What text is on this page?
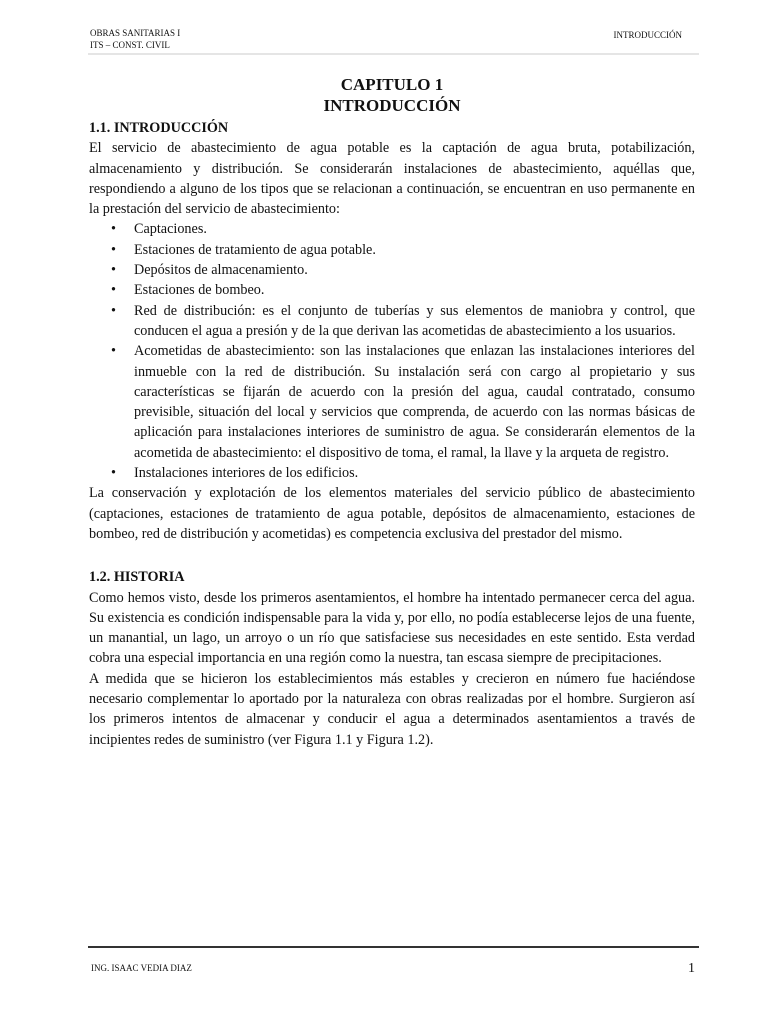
OBRAS SANITARIAS I
ITS – CONST. CIVIL
INTRODUCCIÓN
CAPITULO 1
INTRODUCCIÓN
1.1. INTRODUCCIÓN

El servicio de abastecimiento de agua potable es la captación de agua bruta, potabilización, almacenamiento y distribución. Se considerarán instalaciones de abastecimiento, aquéllas que, respondiendo a alguno de los tipos que se relacionan a continuación, se encuentran en uso permanente en la prestación del servicio de abastecimiento:

• Captaciones.
• Estaciones de tratamiento de agua potable.
• Depósitos de almacenamiento.
• Estaciones de bombeo.
• Red de distribución: es el conjunto de tuberías y sus elementos de maniobra y control, que conducen el agua a presión y de la que derivan las acometidas de abastecimiento a los usuarios.
• Acometidas de abastecimiento: son las instalaciones que enlazan las instalaciones interiores del inmueble con la red de distribución. Su instalación será con cargo al propietario y sus características se fijarán de acuerdo con la presión del agua, caudal contratado, consumo previsible, situación del local y servicios que comprenda, de acuerdo con las normas básicas de aplicación para instalaciones interiores de suministro de agua. Se considerarán elementos de la acometida de abastecimiento: el dispositivo de toma, el ramal, la llave y la arqueta de registro.
• Instalaciones interiores de los edificios.

La conservación y explotación de los elementos materiales del servicio público de abastecimiento (captaciones, estaciones de tratamiento de agua potable, depósitos de almacenamiento, estaciones de bombeo, red de distribución y acometidas) es competencia exclusiva del prestador del mismo.

1.2. HISTORIA

Como hemos visto, desde los primeros asentamientos, el hombre ha intentado permanecer cerca del agua. Su existencia es condición indispensable para la vida y, por ello, no podía establecerse lejos de una fuente, un manantial, un lago, un arroyo o un río que satisfaciese sus necesidades en este sentido. Esta verdad cobra una especial importancia en una región como la nuestra, tan escasa siempre de precipitaciones.

A medida que se hicieron los establecimientos más estables y crecieron en número fue haciéndose necesario complementar lo aportado por la naturaleza con obras realizadas por el hombre. Surgieron así los primeros intentos de almacenar y conducir el agua a determinados asentamientos a través de incipientes redes de suministro (ver Figura 1.1 y Figura 1.2).

ING. ISAAC VEDIA DIAZ	1
